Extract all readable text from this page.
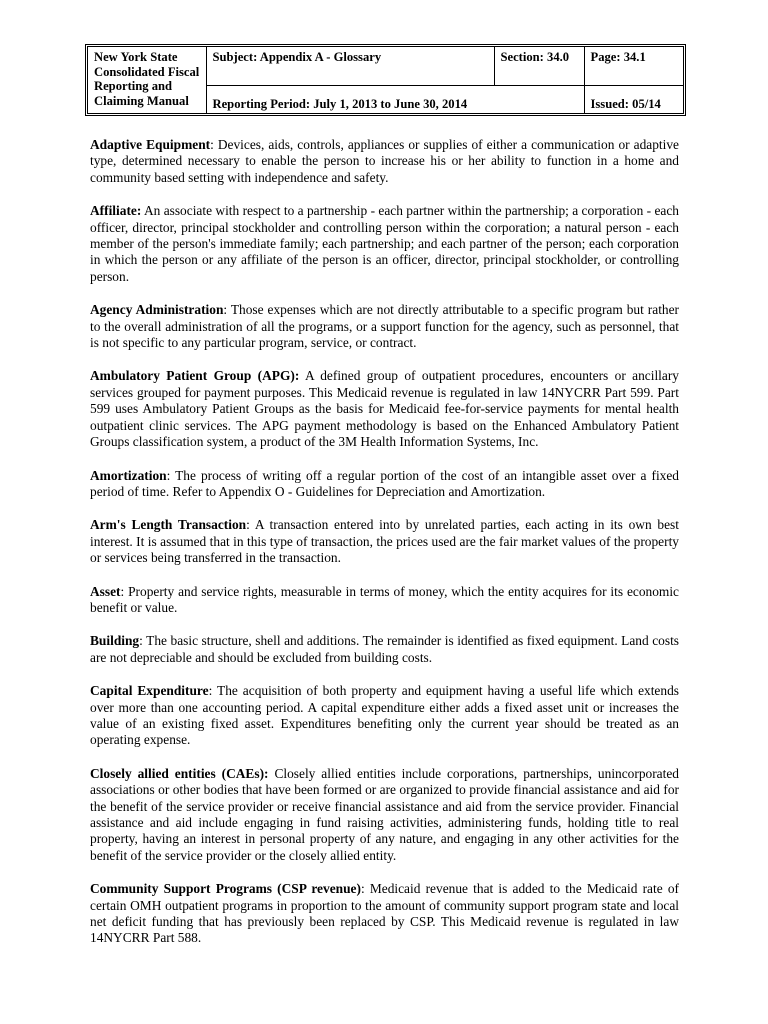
New York State
Consolidated Fiscal
Reporting and
Claiming Manual	Subject: Appendix A - Glossary	Section: 34.0	Page: 34.1
	Reporting Period: July 1, 2013 to June 30, 2014		Issued: 05/14

Adaptive Equipment: Devices, aids, controls, appliances or supplies of either a communication or adaptive type, determined necessary to enable the person to increase his or her ability to function in a home and community based setting with independence and safety.

Affiliate: An associate with respect to a partnership - each partner within the partnership; a corporation - each officer, director, principal stockholder and controlling person within the corporation; a natural person - each member of the person's immediate family; each partnership; and each partner of the person; each corporation in which the person or any affiliate of the person is an officer, director, principal stockholder, or controlling person.

Agency Administration: Those expenses which are not directly attributable to a specific program but rather to the overall administration of all the programs, or a support function for the agency, such as personnel, that is not specific to any particular program, service, or contract.

Ambulatory Patient Group (APG): A defined group of outpatient procedures, encounters or ancillary services grouped for payment purposes. This Medicaid revenue is regulated in law 14NYCRR Part 599. Part 599 uses Ambulatory Patient Groups as the basis for Medicaid fee-for-service payments for mental health outpatient clinic services. The APG payment methodology is based on the Enhanced Ambulatory Patient Groups classification system, a product of the 3M Health Information Systems, Inc.

Amortization: The process of writing off a regular portion of the cost of an intangible asset over a fixed period of time. Refer to Appendix O - Guidelines for Depreciation and Amortization.

Arm's Length Transaction: A transaction entered into by unrelated parties, each acting in its own best interest. It is assumed that in this type of transaction, the prices used are the fair market values of the property or services being transferred in the transaction.

Asset: Property and service rights, measurable in terms of money, which the entity acquires for its economic benefit or value.

Building: The basic structure, shell and additions. The remainder is identified as fixed equipment. Land costs are not depreciable and should be excluded from building costs.

Capital Expenditure: The acquisition of both property and equipment having a useful life which extends over more than one accounting period. A capital expenditure either adds a fixed asset unit or increases the value of an existing fixed asset. Expenditures benefiting only the current year should be treated as an operating expense.

Closely allied entities (CAEs): Closely allied entities include corporations, partnerships, unincorporated associations or other bodies that have been formed or are organized to provide financial assistance and aid for the benefit of the service provider or receive financial assistance and aid from the service provider. Financial assistance and aid include engaging in fund raising activities, administering funds, holding title to real property, having an interest in personal property of any nature, and engaging in any other activities for the benefit of the service provider or the closely allied entity.

Community Support Programs (CSP revenue): Medicaid revenue that is added to the Medicaid rate of certain OMH outpatient programs in proportion to the amount of community support program state and local net deficit funding that has previously been replaced by CSP. This Medicaid revenue is regulated in law 14NYCRR Part 588.
